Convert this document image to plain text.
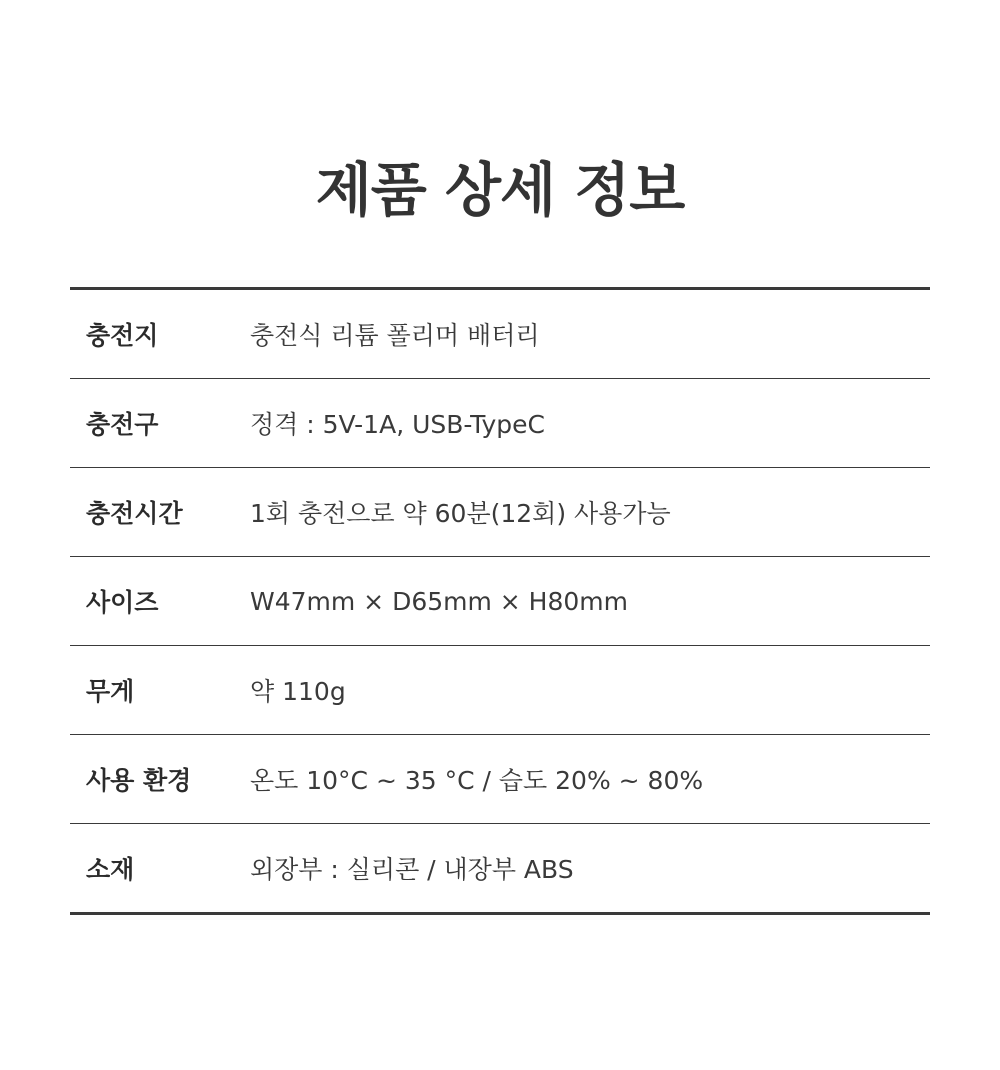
제품 상세 정보
충전지	충전식 리튬 폴리머 배터리
충전구	정격 : 5V-1A, USB-TypeC
충전시간	1회 충전으로 약 60분(12회) 사용가능
사이즈	W47mm × D65mm × H80mm
무게	약 110g
사용 환경	온도 10°C ~ 35 °C / 습도 20% ~ 80%
소재	외장부 : 실리콘 / 내장부 ABS
